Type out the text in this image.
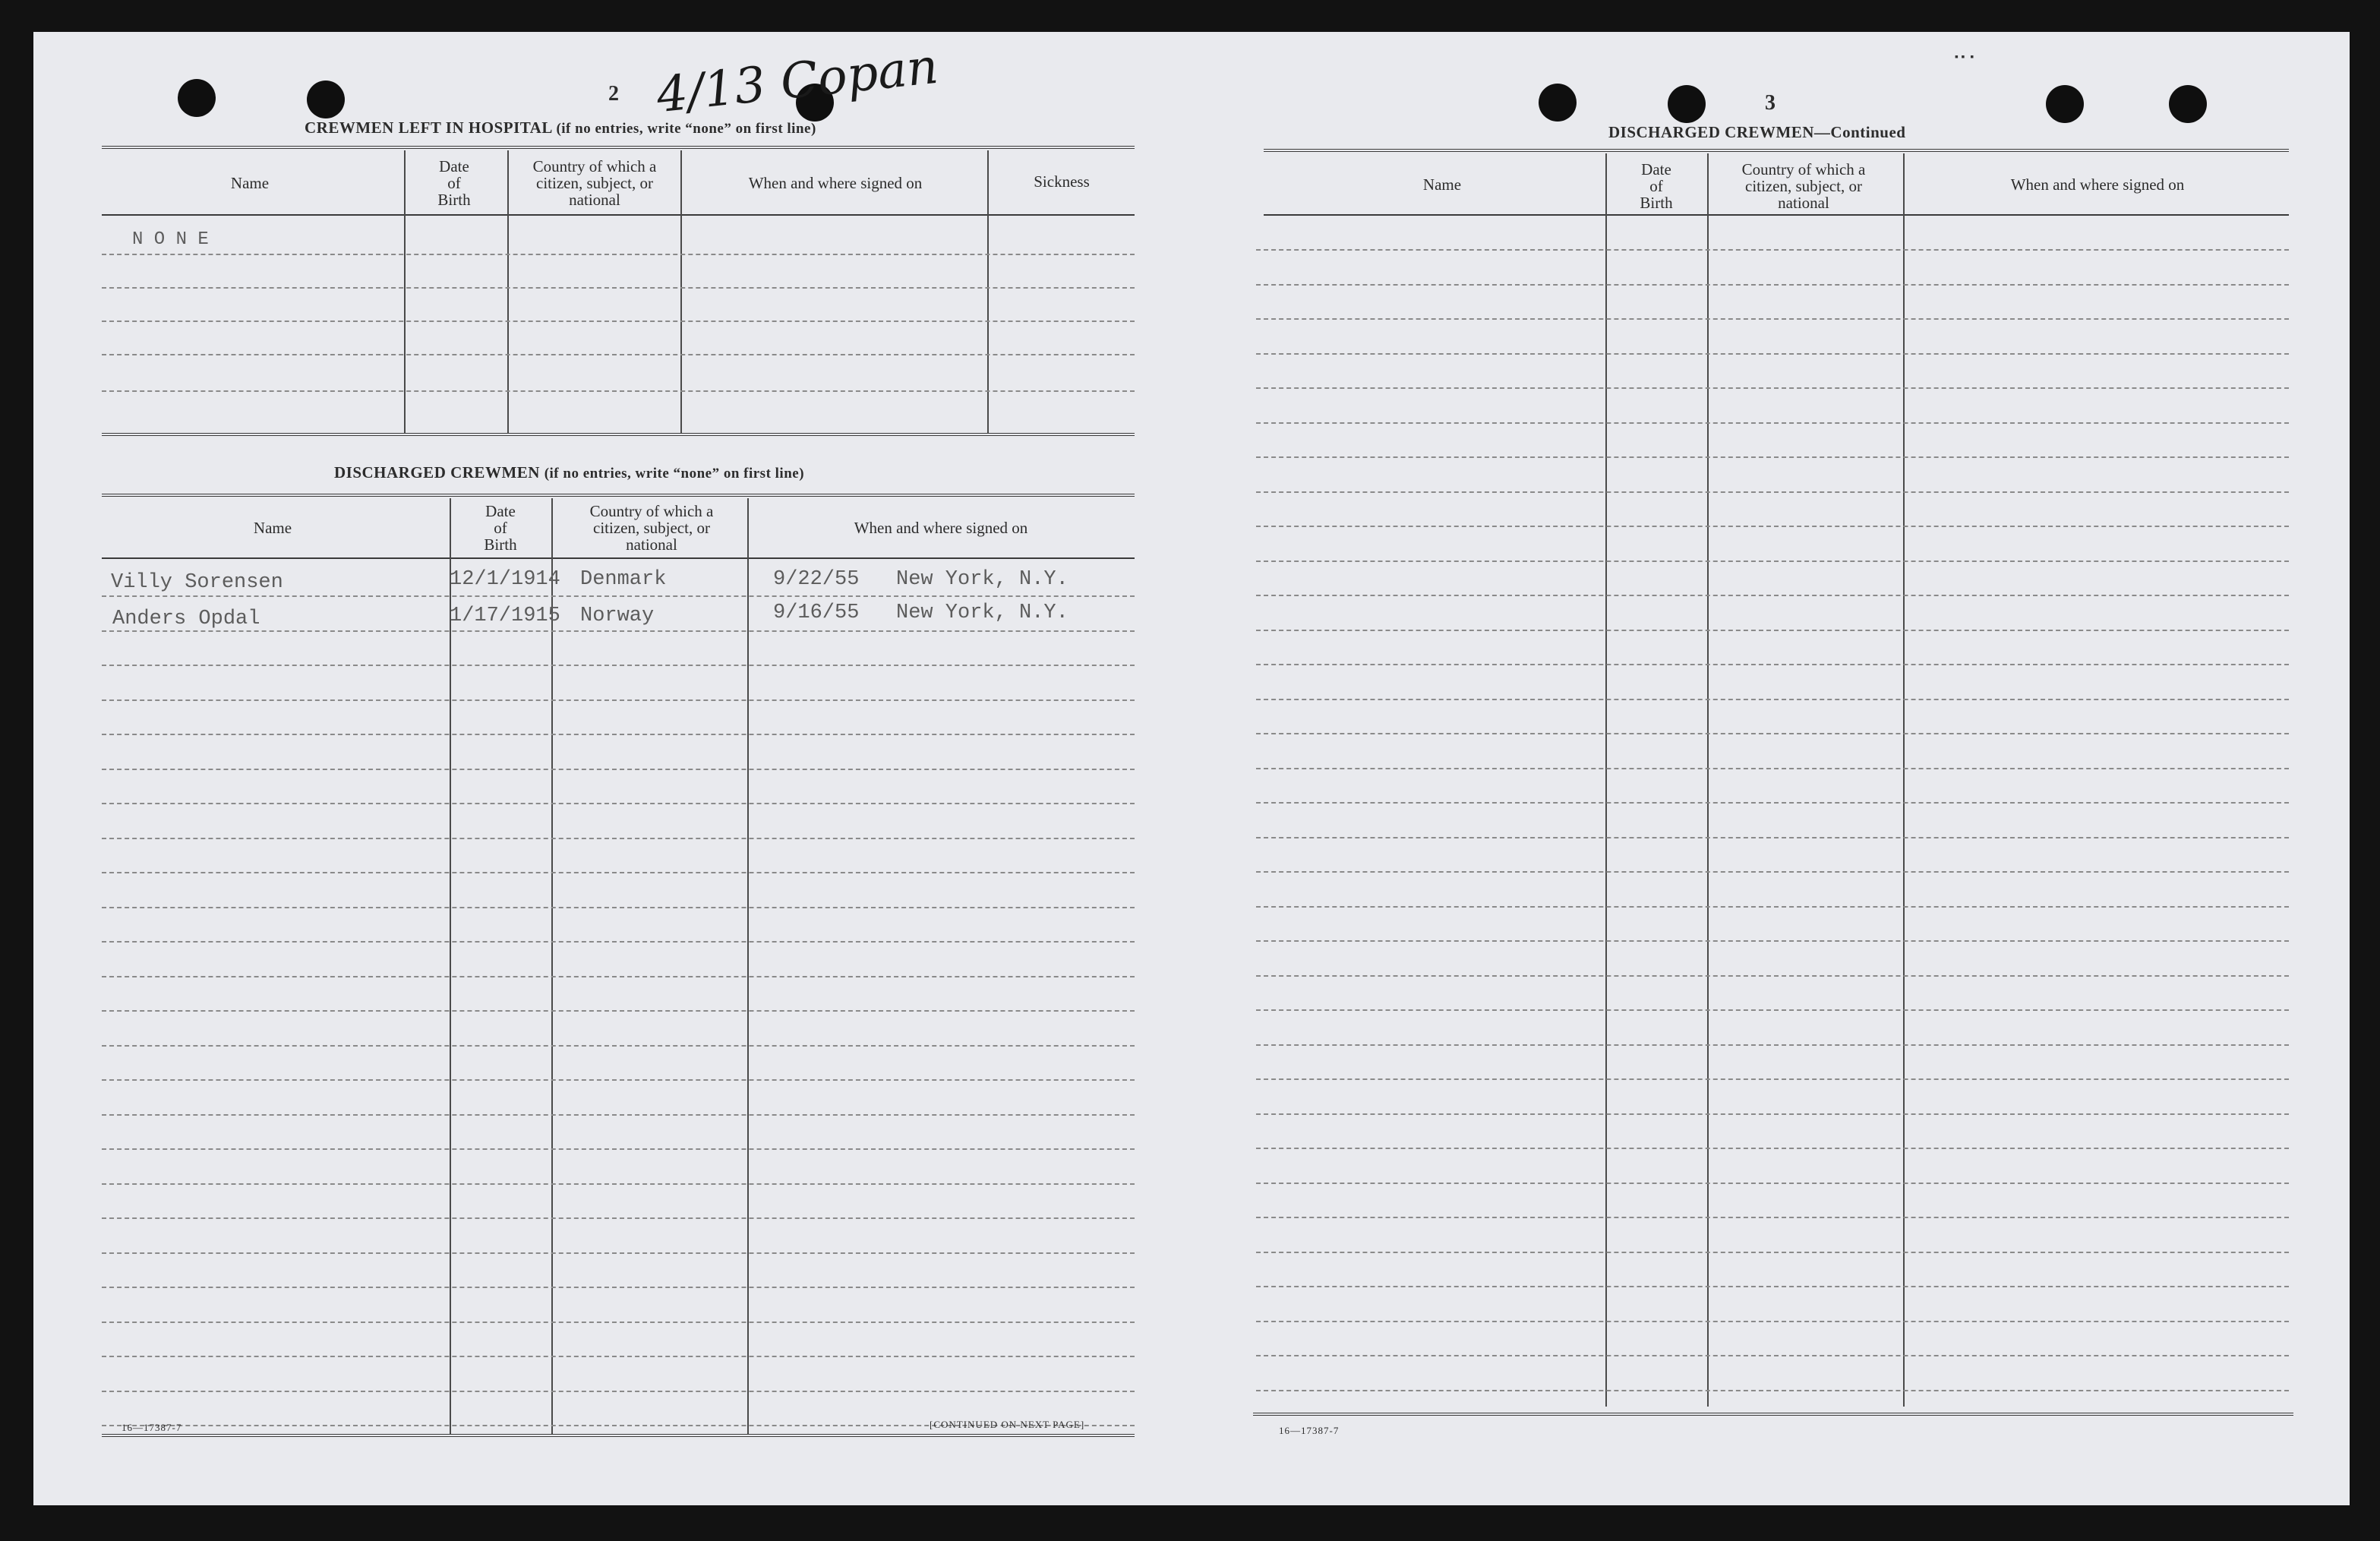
▪ ▪  ▪
2 4/13 Copan
CREWMEN LEFT IN HOSPITAL (if no entries, write “none” on first line)
Name
Date
of
Birth
Country of which a
citizen, subject, or
national
When and where signed on	Sickness
N O N E
DISCHARGED CREWMEN (if no entries, write “none” on first line)
Name
Date
of
Birth
Country of which a
citizen, subject, or
national
When and where signed on
Villy Sorensen	12/1/1914 Denmark	9/22/55 New York, N.Y.
Anders Opdal	1/17/1915 Norway	9/16/55 New York, N.Y.
16—17387-7	[CONTINUED ON NEXT PAGE]
3
DISCHARGED CREWMEN—Continued
Name
Date
of
Birth
Country of which a
citizen, subject, or
national
When and where signed on
16—17387-7
